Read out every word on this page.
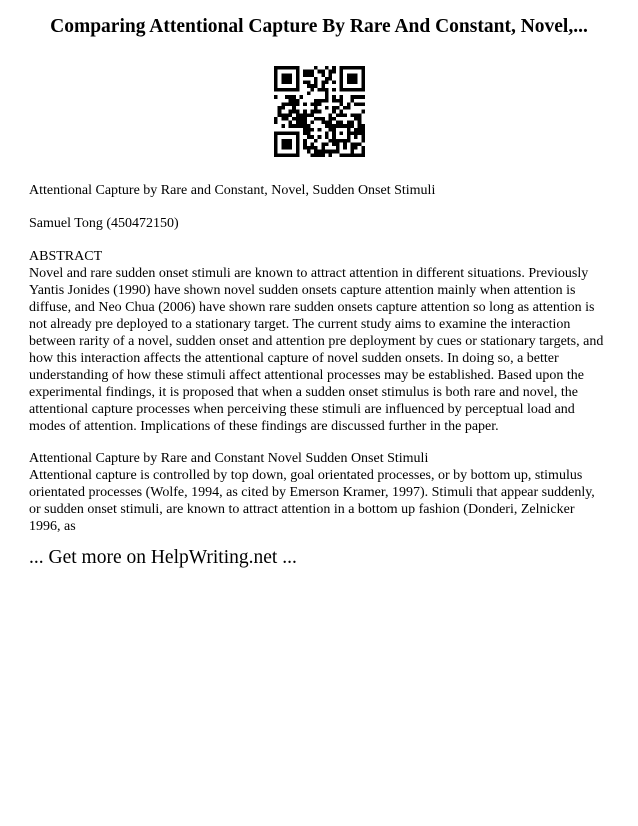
Comparing Attentional Capture By Rare And Constant, Novel,...

Attentional Capture by Rare and Constant, Novel, Sudden Onset Stimuli

Samuel Tong (450472150)

ABSTRACT

Novel and rare sudden onset stimuli are known to attract attention in different situations. Previously

Yantis Jonides (1990) have shown novel sudden onsets capture attention mainly when attention is

diffuse, and Neo Chua (2006) have shown rare sudden onsets capture attention so long as attention is

not already pre deployed to a stationary target. The current study aims to examine the interaction

between rarity of a novel, sudden onset and attention pre deployment by cues or stationary targets, and

how this interaction affects the attentional capture of novel sudden onsets. In doing so, a better

understanding of how these stimuli affect attentional processes may be established. Based upon the

experimental findings, it is proposed that when a sudden onset stimulus is both rare and novel, the

attentional capture processes when perceiving these stimuli are influenced by perceptual load and

modes of attention. Implications of these findings are discussed further in the paper.

Attentional Capture by Rare and Constant Novel Sudden Onset Stimuli

Attentional capture is controlled by top down, goal orientated processes, or by bottom up, stimulus

orientated processes (Wolfe, 1994, as cited by Emerson Kramer, 1997). Stimuli that appear suddenly,

or sudden onset stimuli, are known to attract attention in a bottom up fashion (Donderi, Zelnicker

1996, as

... Get more on HelpWriting.net ...
